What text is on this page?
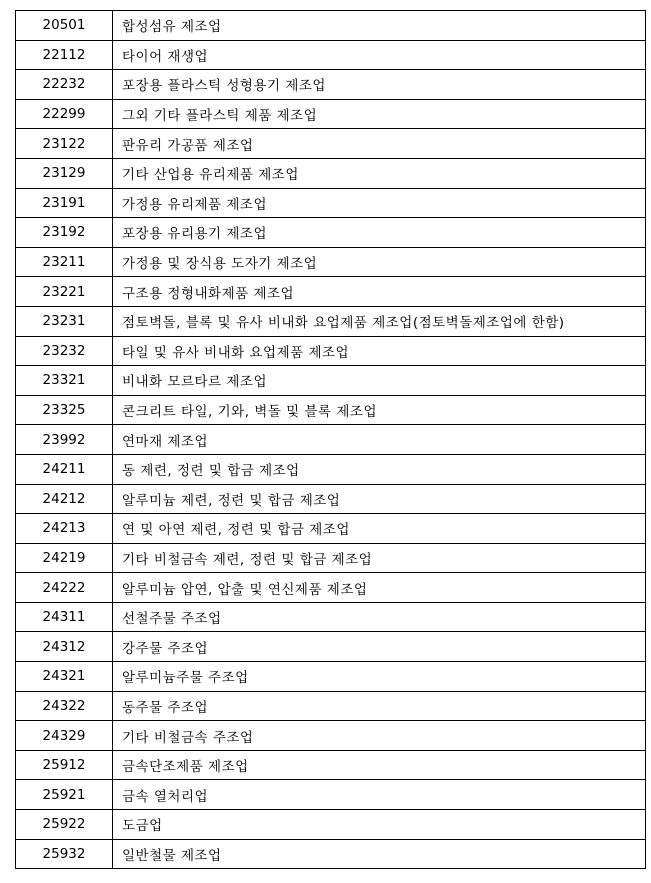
20501	합성섬유 제조업
22112	타이어 재생업
22232	포장용 플라스틱 성형용기 제조업
22299	그외 기타 플라스틱 제품 제조업
23122	판유리 가공품 제조업
23129	기타 산업용 유리제품 제조업
23191	가정용 유리제품 제조업
23192	포장용 유리용기 제조업
23211	가정용 및 장식용 도자기 제조업
23221	구조용 정형내화제품 제조업
23231	점토벽돌, 블록 및 유사 비내화 요업제품 제조업(점토벽돌제조업에 한함)
23232	타일 및 유사 비내화 요업제품 제조업
23321	비내화 모르타르 제조업
23325	콘크리트 타일, 기와, 벽돌 및 블록 제조업
23992	연마재 제조업
24211	동 제련, 정련 및 합금 제조업
24212	알루미늄 제련, 정련 및 합금 제조업
24213	연 및 아연 제련, 정련 및 합금 제조업
24219	기타 비철금속 제련, 정련 및 합금 제조업
24222	알루미늄 압연, 압출 및 연신제품 제조업
24311	선철주물 주조업
24312	강주물 주조업
24321	알루미늄주물 주조업
24322	동주물 주조업
24329	기타 비철금속 주조업
25912	금속단조제품 제조업
25921	금속 열처리업
25922	도금업
25932	일반철물 제조업
